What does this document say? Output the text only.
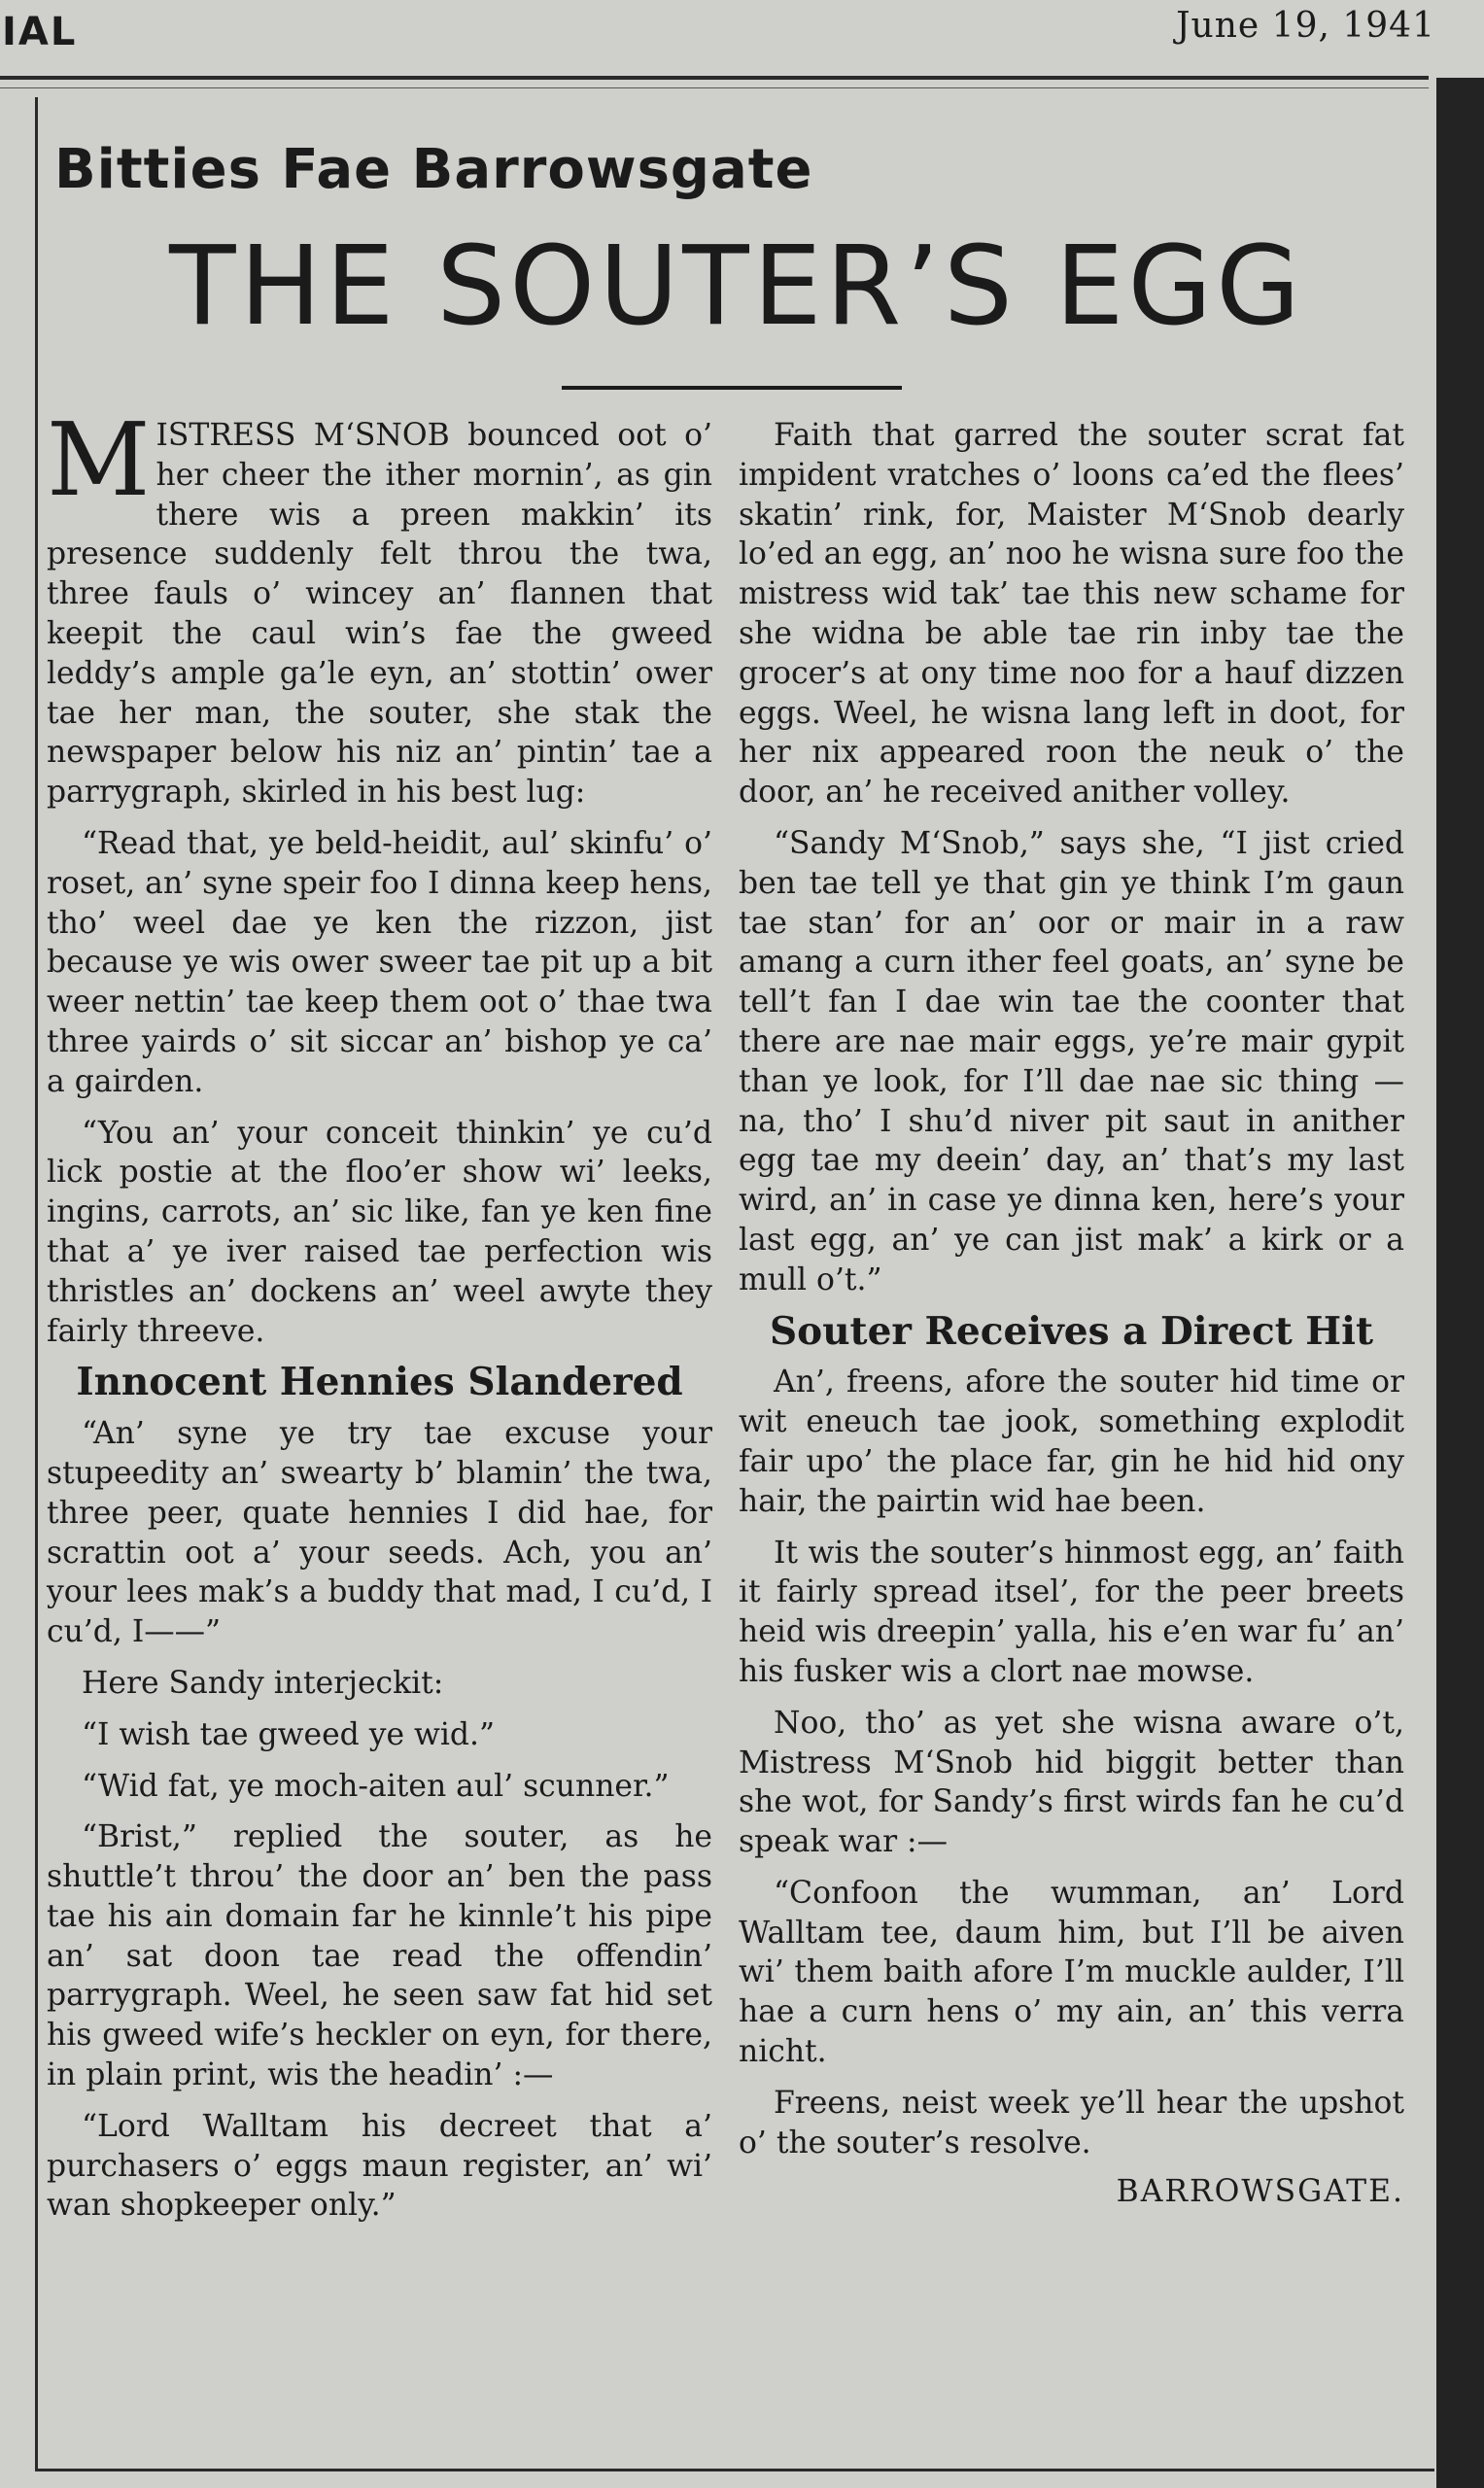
IAL	June 19, 1941
Bitties Fae Barrowsgate
THE SOUTER’S EGG

MISTRESS M‘SNOB bounced oot o’ her cheer the ither mornin’, as gin there wis a preen makkin’ its presence suddenly felt throu the twa, three fauls o’ wincey an’ flannen that keepit the caul win’s fae the gweed leddy’s ample ga’le eyn, an’ stottin’ ower tae her man, the souter, she stak the newspaper below his niz an’ pintin’ tae a parrygraph, skirled in his best lug:

“Read that, ye beld-heidit, aul’ skinfu’ o’ roset, an’ syne speir foo I dinna keep hens, tho’ weel dae ye ken the rizzon, jist because ye wis ower sweer tae pit up a bit weer nettin’ tae keep them oot o’ thae twa three yairds o’ sit siccar an’ bishop ye ca’ a gairden.

“You an’ your conceit thinkin’ ye cu’d lick postie at the floo’er show wi’ leeks, ingins, carrots, an’ sic like, fan ye ken fine that a’ ye iver raised tae perfection wis thristles an’ dockens an’ weel awyte they fairly threeve.

Innocent Hennies Slandered

“An’ syne ye try tae excuse your stupeedity an’ swearty b’ blamin’ the twa, three peer, quate hennies I did hae, for scrattin oot a’ your seeds. Ach, you an’ your lees mak’s a buddy that mad, I cu’d, I cu’d, I——”

Here Sandy interjeckit:

“I wish tae gweed ye wid.”

“Wid fat, ye moch-aiten aul’ scunner.”

“Brist,” replied the souter, as he shuttle’t throu’ the door an’ ben the pass tae his ain domain far he kinnle’t his pipe an’ sat doon tae read the offendin’ parrygraph. Weel, he seen saw fat hid set his gweed wife’s heckler on eyn, for there, in plain print, wis the headin’ :—

“Lord Walltam his decreet that a’ purchasers o’ eggs maun register, an’ wi’ wan shopkeeper only.”

Faith that garred the souter scrat fat impident vratches o’ loons ca’ed the flees’ skatin’ rink, for, Maister M‘Snob dearly lo’ed an egg, an’ noo he wisna sure foo the mistress wid tak’ tae this new schame for she widna be able tae rin inby tae the grocer’s at ony time noo for a hauf dizzen eggs. Weel, he wisna lang left in doot, for her nix appeared roon the neuk o’ the door, an’ he received anither volley.

“Sandy M‘Snob,” says she, “I jist cried ben tae tell ye that gin ye think I’m gaun tae stan’ for an’ oor or mair in a raw amang a curn ither feel goats, an’ syne be tell’t fan I dae win tae the coonter that there are nae mair eggs, ye’re mair gypit than ye look, for I’ll dae nae sic thing — na, tho’ I shu’d niver pit saut in anither egg tae my deein’ day, an’ that’s my last wird, an’ in case ye dinna ken, here’s your last egg, an’ ye can jist mak’ a kirk or a mull o’t.”

Souter Receives a Direct Hit

An’, freens, afore the souter hid time or wit eneuch tae jook, something explodit fair upo’ the place far, gin he hid hid ony hair, the pairtin wid hae been.

It wis the souter’s hinmost egg, an’ faith it fairly spread itsel’, for the peer breets heid wis dreepin’ yalla, his e’en war fu’ an’ his fusker wis a clort nae mowse.

Noo, tho’ as yet she wisna aware o’t, Mistress M‘Snob hid biggit better than she wot, for Sandy’s first wirds fan he cu’d speak war :—

“Confoon the wumman, an’ Lord Walltam tee, daum him, but I’ll be aiven wi’ them baith afore I’m muckle aulder, I’ll hae a curn hens o’ my ain, an’ this verra nicht.

Freens, neist week ye’ll hear the upshot o’ the souter’s resolve.

BARROWSGATE.
